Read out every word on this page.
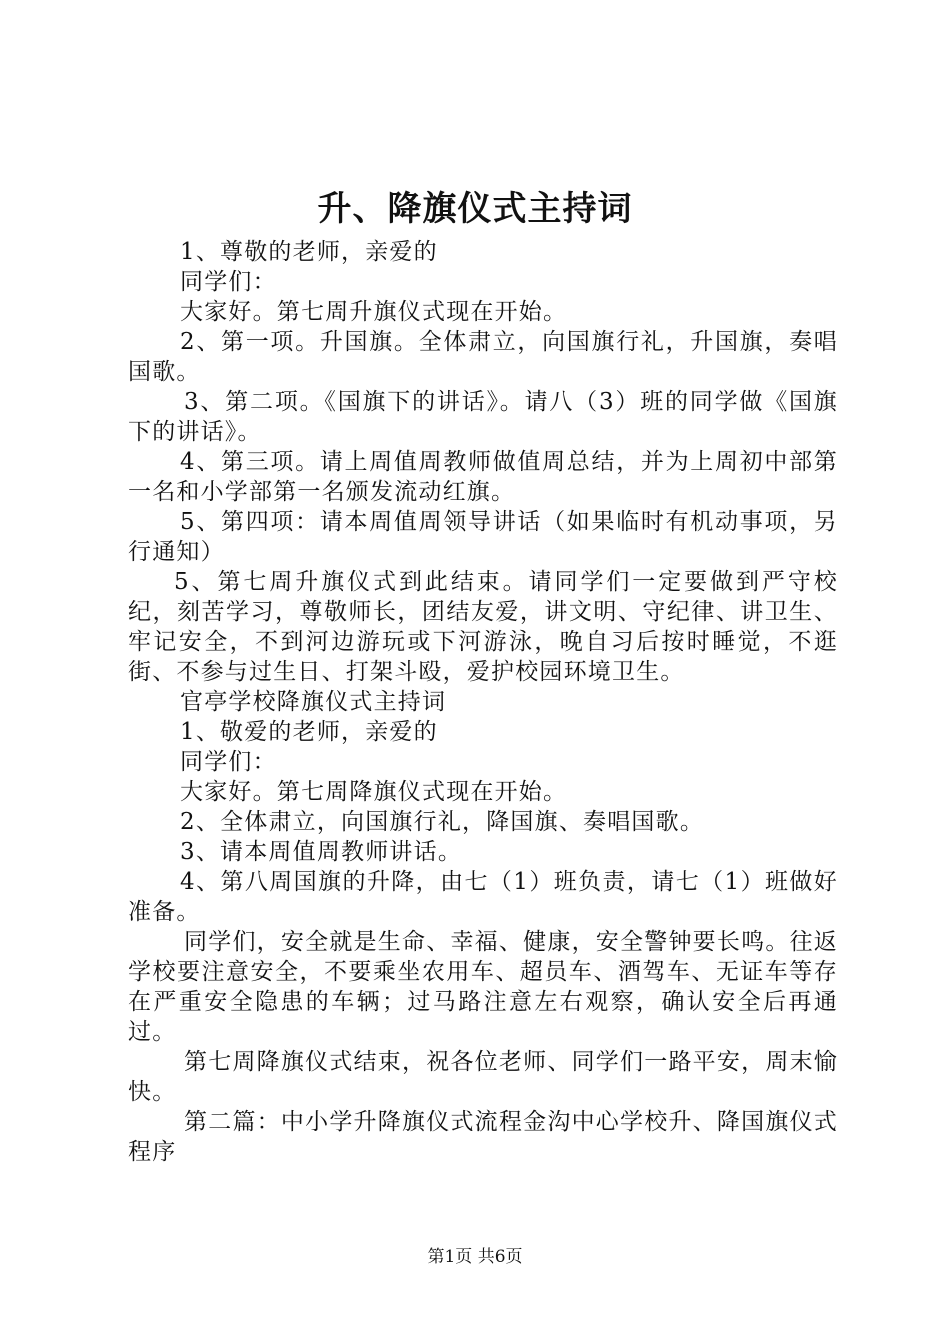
升、降旗仪式主持词

1、尊敬的老师，亲爱的

同学们：

大家好。第七周升旗仪式现在开始。

2、第一项。升国旗。全体肃立，向国旗行礼，升国旗，奏唱国歌。

3、第二项。《国旗下的讲话》。请八（3）班的同学做《国旗下的讲话》。

4、第三项。请上周值周教师做值周总结，并为上周初中部第一名和小学部第一名颁发流动红旗。

5、第四项：请本周值周领导讲话（如果临时有机动事项，另行通知）

5、第七周升旗仪式到此结束。请同学们一定要做到严守校纪，刻苦学习，尊敬师长，团结友爱，讲文明、守纪律、讲卫生、牢记安全，不到河边游玩或下河游泳，晚自习后按时睡觉，不逛街、不参与过生日、打架斗殴，爱护校园环境卫生。

官亭学校降旗仪式主持词

1、敬爱的老师，亲爱的

同学们：

大家好。第七周降旗仪式现在开始。

2、全体肃立，向国旗行礼，降国旗、奏唱国歌。

3、请本周值周教师讲话。

4、第八周国旗的升降，由七（1）班负责，请七（1）班做好准备。

同学们，安全就是生命、幸福、健康，安全警钟要长鸣。往返学校要注意安全，不要乘坐农用车、超员车、酒驾车、无证车等存在严重安全隐患的车辆；过马路注意左右观察，确认安全后再通过。

第七周降旗仪式结束，祝各位老师、同学们一路平安，周末愉快。

第二篇：中小学升降旗仪式流程金沟中心学校升、降国旗仪式程序

第1页 共6页
